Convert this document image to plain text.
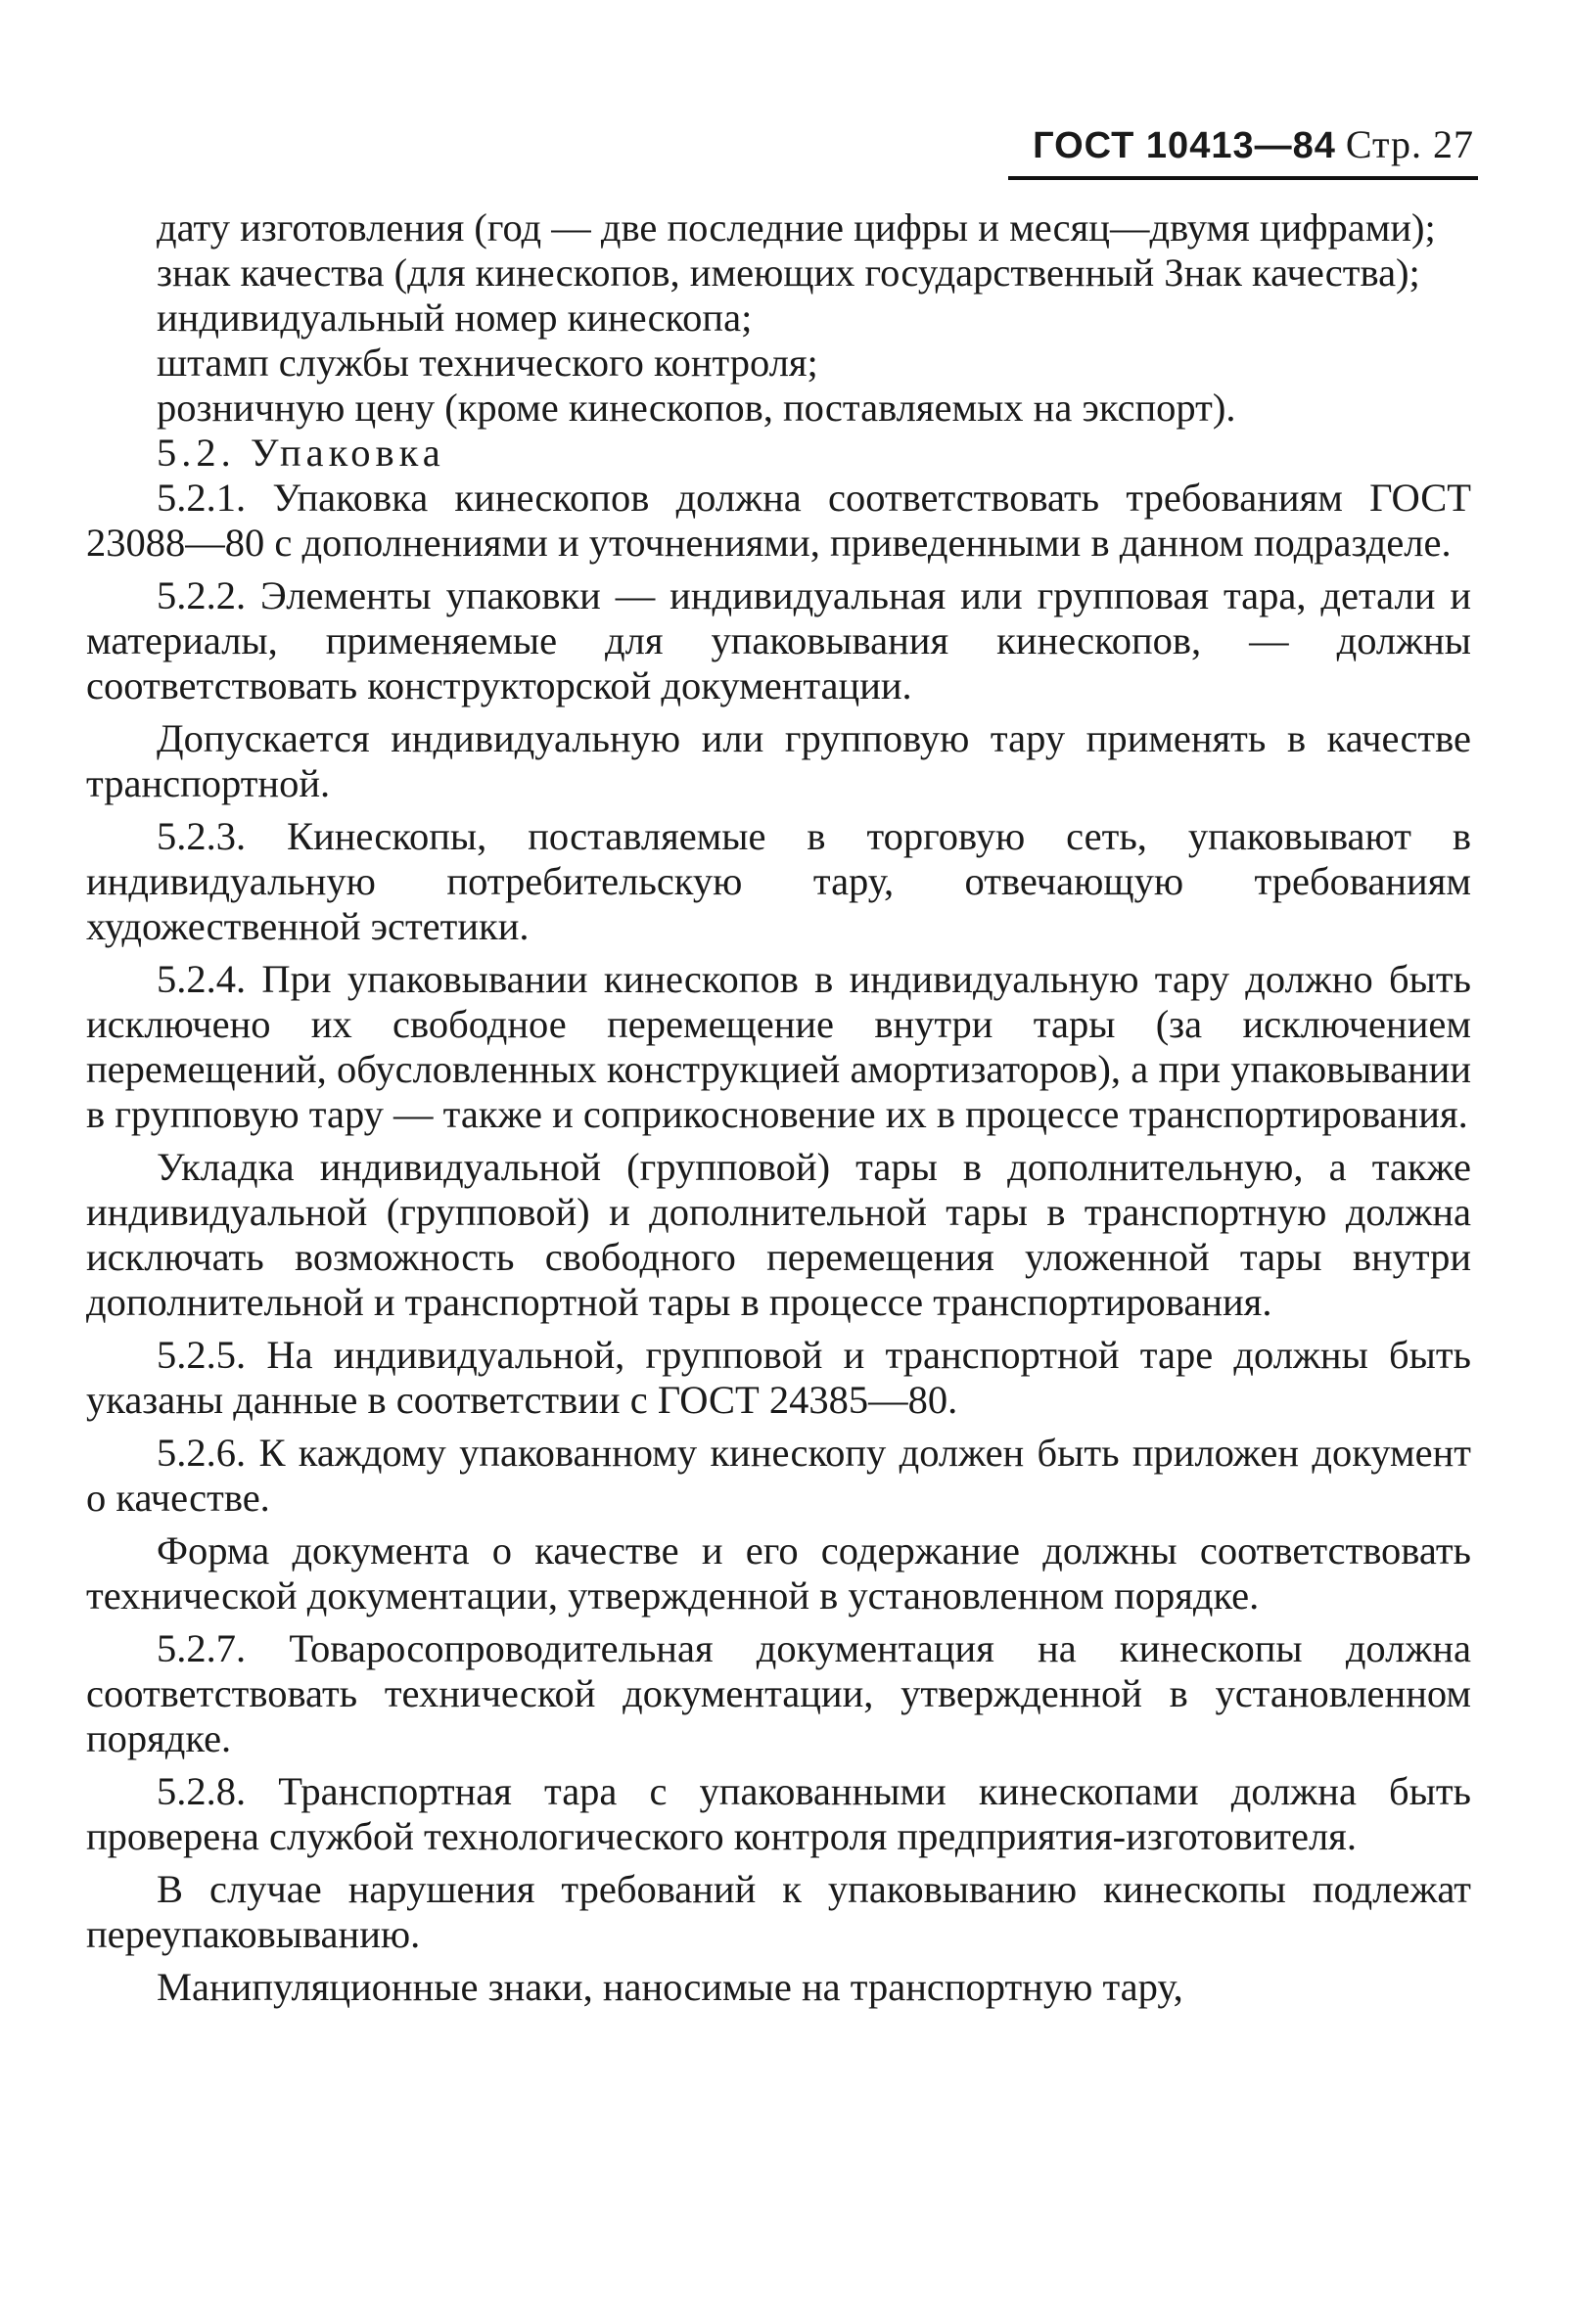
ГОСТ 10413—84 Стр. 27

дату изготовления (год — две последние цифры и месяц—двумя цифрами);

знак качества (для кинескопов, имеющих государственный Знак качества);

индивидуальный номер кинескопа;

штамп службы технического контроля;

розничную цену (кроме кинескопов, поставляемых на экспорт).

5.2. Упаковка

5.2.1. Упаковка кинескопов должна соответствовать требованиям ГОСТ 23088—80 с дополнениями и уточнениями, приведенными в данном подразделе.

5.2.2. Элементы упаковки — индивидуальная или групповая тара, детали и материалы, применяемые для упаковывания кинескопов, — должны соответствовать конструкторской документации.

Допускается индивидуальную или групповую тару применять в качестве транспортной.

5.2.3. Кинескопы, поставляемые в торговую сеть, упаковывают в индивидуальную потребительскую тару, отвечающую требованиям художественной эстетики.

5.2.4. При упаковывании кинескопов в индивидуальную тару должно быть исключено их свободное перемещение внутри тары (за исключением перемещений, обусловленных конструкцией амортизаторов), а при упаковывании в групповую тару — также и соприкосновение их в процессе транспортирования.

Укладка индивидуальной (групповой) тары в дополнительную, а также индивидуальной (групповой) и дополнительной тары в транспортную должна исключать возможность свободного перемещения уложенной тары внутри дополнительной и транспортной тары в процессе транспортирования.

5.2.5. На индивидуальной, групповой и транспортной таре должны быть указаны данные в соответствии с ГОСТ 24385—80.

5.2.6. К каждому упакованному кинескопу должен быть приложен документ о качестве.

Форма документа о качестве и его содержание должны соответствовать технической документации, утвержденной в установленном порядке.

5.2.7. Товаросопроводительная документация на кинескопы должна соответствовать технической документации, утвержденной в установленном порядке.

5.2.8. Транспортная тара с упакованными кинескопами должна быть проверена службой технологического контроля предприятия-изготовителя.

В случае нарушения требований к упаковыванию кинескопы подлежат переупаковыванию.

Манипуляционные знаки, наносимые на транспортную тару,
